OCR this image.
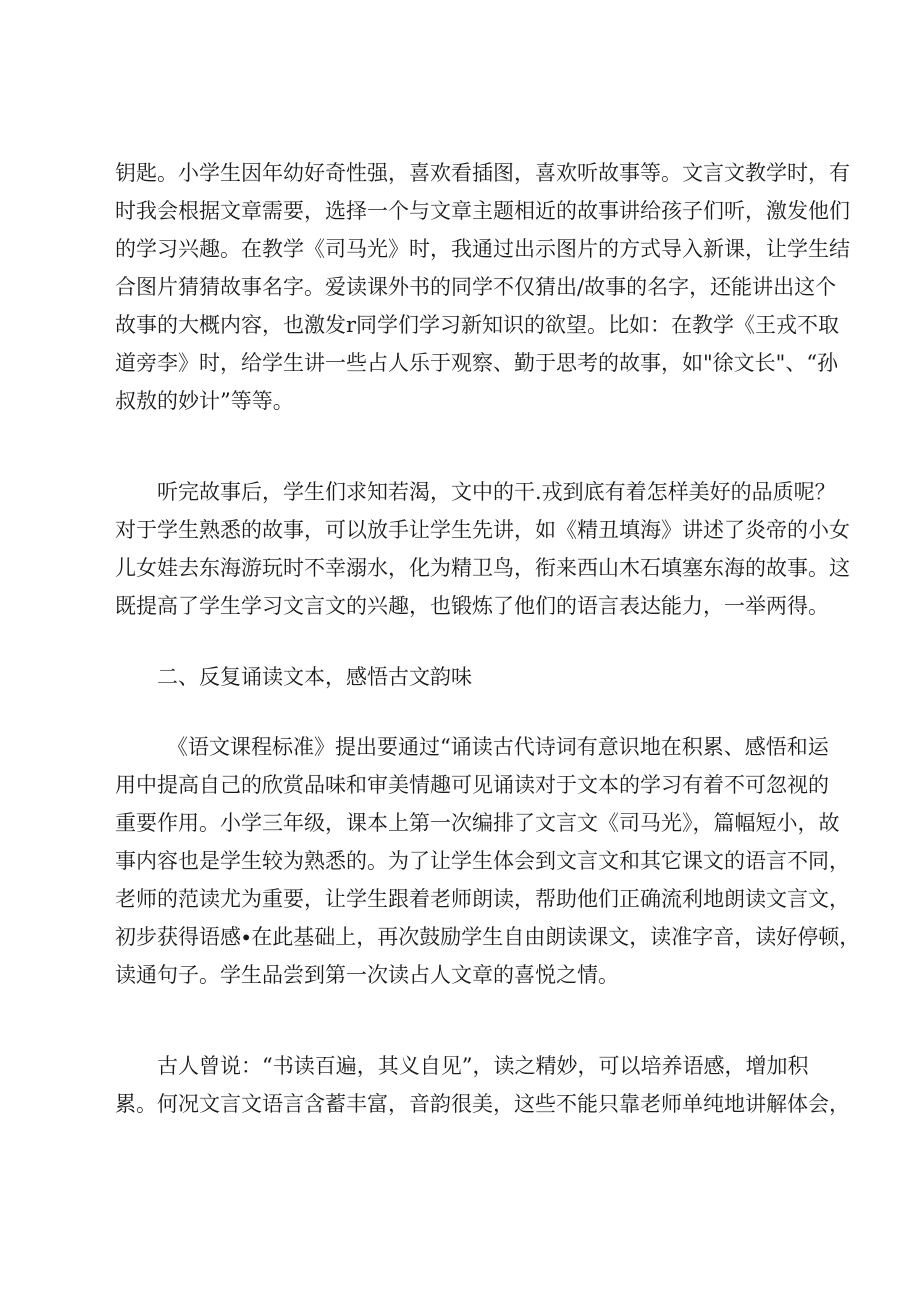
钥匙。小学生因年幼好奇性强，喜欢看插图，喜欢听故事等。文言文教学时，有
时我会根据文章需要，选择一个与文章主题相近的故事讲给孩子们听，激发他们
的学习兴趣。在教学《司马光》时，我通过出示图片的方式导入新课，让学生结
合图片猜猜故事名字。爱读课外书的同学不仅猜出/故事的名字，还能讲出这个
故事的大概内容，也激发r同学们学习新知识的欲望。比如：在教学《王戎不取
道旁李》时，给学生讲一些占人乐于观察、勤于思考的故事，如"徐文长"、“孙
叔敖的妙计”等等。

听完故事后，学生们求知若渴，文中的干.戎到底有着怎样美好的品质呢？
对于学生熟悉的故事，可以放手让学生先讲，如《精丑填海》讲述了炎帝的小女
儿女娃去东海游玩时不幸溺水，化为精卫鸟，衔来西山木石填塞东海的故事。这
既提高了学生学习文言文的兴趣，也锻炼了他们的语言表达能力，一举两得。

二、反复诵读文本，感悟古文韵味

《语文课程标准》提出要通过“诵读古代诗词有意识地在积累、感悟和运
用中提高自己的欣赏品味和审美情趣可见诵读对于文本的学习有着不可忽视的
重要作用。小学三年级，课本上第一次编排了文言文《司马光》，篇幅短小，故
事内容也是学生较为熟悉的。为了让学生体会到文言文和其它课文的语言不同，
老师的范读尤为重要，让学生跟着老师朗读，帮助他们正确流利地朗读文言文，
初步获得语感∙在此基础上，再次鼓励学生自由朗读课文，读准字音，读好停顿，
读通句子。学生品尝到第一次读占人文章的喜悦之情。

古人曾说：“书读百遍，其义自见”，读之精妙，可以培养语感，增加积
累。何况文言文语言含蓄丰富，音韵很美，这些不能只靠老师单纯地讲解体会，
